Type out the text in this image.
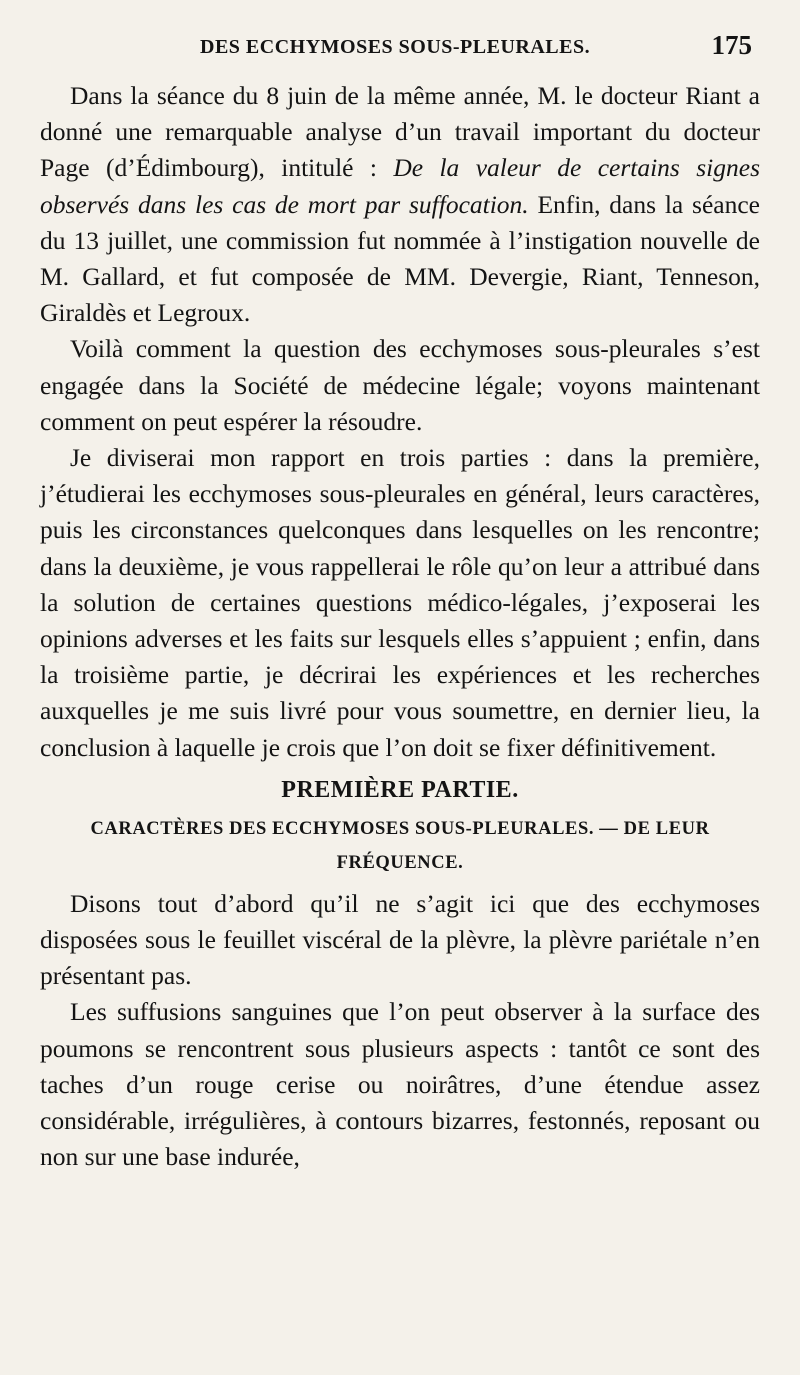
DES ECCHYMOSES SOUS-PLEURALES.	175

Dans la séance du 8 juin de la même année, M. le docteur Riant a donné une remarquable analyse d’un travail important du docteur Page (d’Édimbourg), intitulé : De la valeur de certains signes observés dans les cas de mort par suffocation. Enfin, dans la séance du 13 juillet, une commission fut nommée à l’instigation nouvelle de M. Gallard, et fut composée de MM. Devergie, Riant, Tenneson, Giraldès et Legroux.

Voilà comment la question des ecchymoses sous-pleurales s’est engagée dans la Société de médecine légale; voyons maintenant comment on peut espérer la résoudre.

Je diviserai mon rapport en trois parties : dans la première, j’étudierai les ecchymoses sous-pleurales en général, leurs caractères, puis les circonstances quelconques dans lesquelles on les rencontre; dans la deuxième, je vous rappellerai le rôle qu’on leur a attribué dans la solution de certaines questions médico-légales, j’exposerai les opinions adverses et les faits sur lesquels elles s’appuient ; enfin, dans la troisième partie, je décrirai les expériences et les recherches auxquelles je me suis livré pour vous soumettre, en dernier lieu, la conclusion à laquelle je crois que l’on doit se fixer définitivement.

PREMIÈRE PARTIE.
CARACTÈRES DES ECCHYMOSES SOUS-PLEURALES. — DE LEUR
FRÉQUENCE.

Disons tout d’abord qu’il ne s’agit ici que des ecchymoses disposées sous le feuillet viscéral de la plèvre, la plèvre pariétale n’en présentant pas.

Les suffusions sanguines que l’on peut observer à la surface des poumons se rencontrent sous plusieurs aspects : tantôt ce sont des taches d’un rouge cerise ou noirâtres, d’une étendue assez considérable, irrégulières, à contours bizarres, festonnés, reposant ou non sur une base indurée,
